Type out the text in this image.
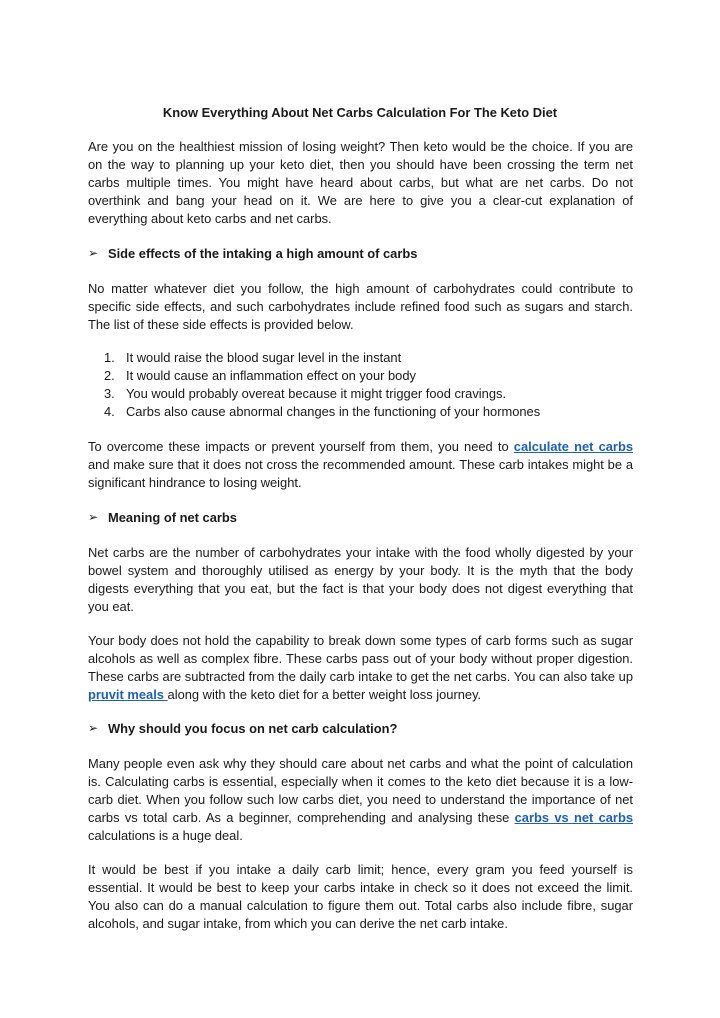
Know Everything About Net Carbs Calculation For The Keto Diet

Are you on the healthiest mission of losing weight? Then keto would be the choice. If you are on the way to planning up your keto diet, then you should have been crossing the term net carbs multiple times. You might have heard about carbs, but what are net carbs. Do not overthink and bang your head on it. We are here to give you a clear-cut explanation of everything about keto carbs and net carbs.

➢ Side effects of the intaking a high amount of carbs

No matter whatever diet you follow, the high amount of carbohydrates could contribute to specific side effects, and such carbohydrates include refined food such as sugars and starch. The list of these side effects is provided below.

1. It would raise the blood sugar level in the instant
2. It would cause an inflammation effect on your body
3. You would probably overeat because it might trigger food cravings.
4. Carbs also cause abnormal changes in the functioning of your hormones

To overcome these impacts or prevent yourself from them, you need to calculate net carbs and make sure that it does not cross the recommended amount. These carb intakes might be a significant hindrance to losing weight.

➢ Meaning of net carbs

Net carbs are the number of carbohydrates your intake with the food wholly digested by your bowel system and thoroughly utilised as energy by your body. It is the myth that the body digests everything that you eat, but the fact is that your body does not digest everything that you eat.

Your body does not hold the capability to break down some types of carb forms such as sugar alcohols as well as complex fibre. These carbs pass out of your body without proper digestion. These carbs are subtracted from the daily carb intake to get the net carbs. You can also take up pruvit meals along with the keto diet for a better weight loss journey.

➢ Why should you focus on net carb calculation?

Many people even ask why they should care about net carbs and what the point of calculation is. Calculating carbs is essential, especially when it comes to the keto diet because it is a low-carb diet. When you follow such low carbs diet, you need to understand the importance of net carbs vs total carb. As a beginner, comprehending and analysing these carbs vs net carbs calculations is a huge deal.

It would be best if you intake a daily carb limit; hence, every gram you feed yourself is essential. It would be best to keep your carbs intake in check so it does not exceed the limit. You also can do a manual calculation to figure them out. Total carbs also include fibre, sugar alcohols, and sugar intake, from which you can derive the net carb intake.
